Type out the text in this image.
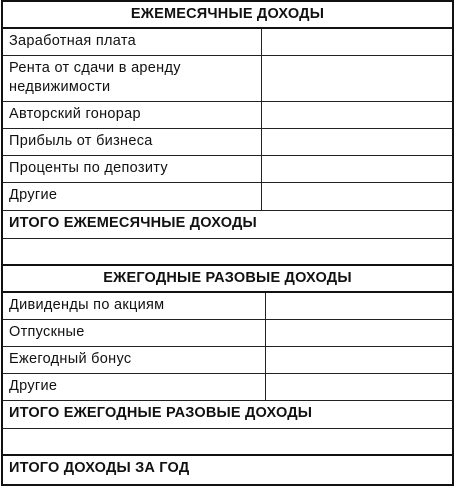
ЕЖЕМЕСЯЧНЫЕ ДОХОДЫ
Заработная плата
Рента от сдачи в аренду недвижимости
Авторский гонорар
Прибыль от бизнеса
Проценты по депозиту
Другие
ИТОГО ЕЖЕМЕСЯЧНЫЕ ДОХОДЫ
ЕЖЕГОДНЫЕ РАЗОВЫЕ ДОХОДЫ
Дивиденды по акциям
Отпускные
Ежегодный бонус
Другие
ИТОГО ЕЖЕГОДНЫЕ РАЗОВЫЕ ДОХОДЫ
ИТОГО ДОХОДЫ ЗА ГОД
